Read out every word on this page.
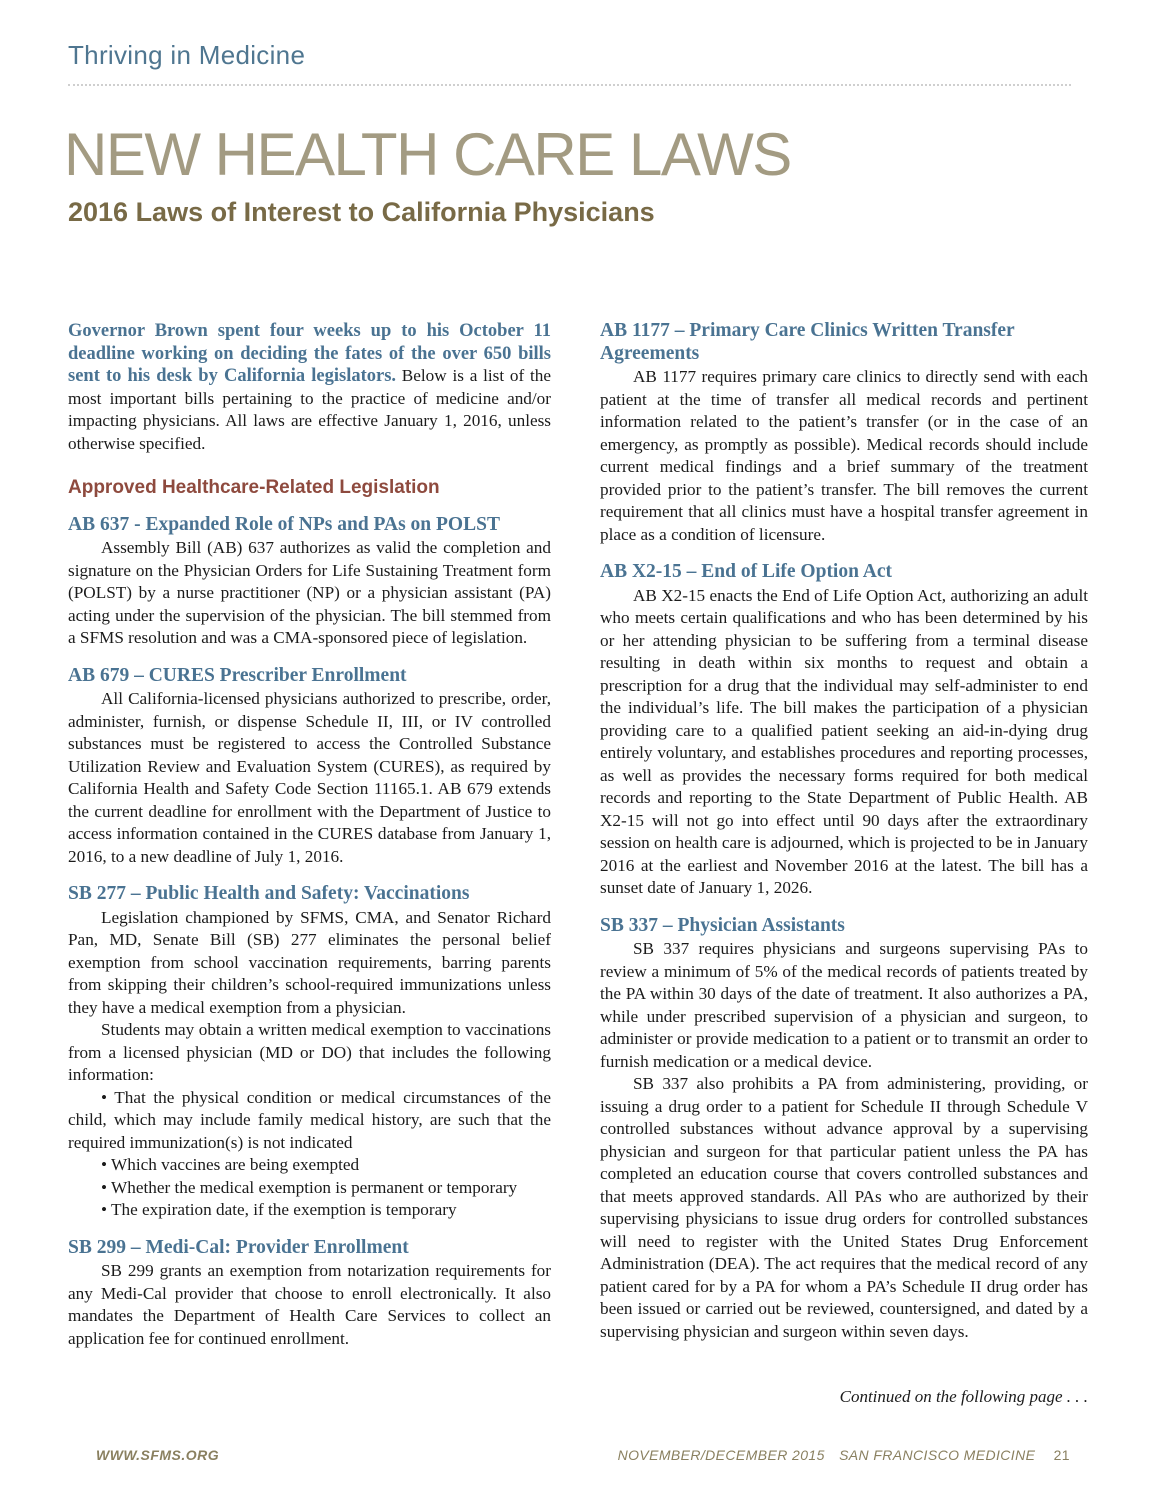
Thriving in Medicine
NEW HEALTH CARE LAWS
2016 Laws of Interest to California Physicians

Governor Brown spent four weeks up to his October 11 deadline working on deciding the fates of the over 650 bills sent to his desk by California legislators. Below is a list of the most important bills pertaining to the practice of medicine and/or impacting physicians. All laws are effective January 1, 2016, unless otherwise specified.

Approved Healthcare-Related Legislation
AB 637 - Expanded Role of NPs and PAs on POLST

Assembly Bill (AB) 637 authorizes as valid the completion and signature on the Physician Orders for Life Sustaining Treatment form (POLST) by a nurse practitioner (NP) or a physician assistant (PA) acting under the supervision of the physician. The bill stemmed from a SFMS resolution and was a CMA-sponsored piece of legislation.

AB 679 – CURES Prescriber Enrollment

All California-licensed physicians authorized to prescribe, order, administer, furnish, or dispense Schedule II, III, or IV controlled substances must be registered to access the Controlled Substance Utilization Review and Evaluation System (CURES), as required by California Health and Safety Code Section 11165.1. AB 679 extends the current deadline for enrollment with the Department of Justice to access information contained in the CURES database from January 1, 2016, to a new deadline of July 1, 2016.

SB 277 – Public Health and Safety: Vaccinations

Legislation championed by SFMS, CMA, and Senator Richard Pan, MD, Senate Bill (SB) 277 eliminates the personal belief exemption from school vaccination requirements, barring parents from skipping their children’s school-required immunizations unless they have a medical exemption from a physician.

Students may obtain a written medical exemption to vaccinations from a licensed physician (MD or DO) that includes the following information:

• That the physical condition or medical circumstances of the child, which may include family medical history, are such that the required immunization(s) is not indicated

• Which vaccines are being exempted

• Whether the medical exemption is permanent or temporary

• The expiration date, if the exemption is temporary

SB 299 – Medi-Cal: Provider Enrollment

SB 299 grants an exemption from notarization requirements for any Medi-Cal provider that choose to enroll electronically. It also mandates the Department of Health Care Services to collect an application fee for continued enrollment.

AB 1177 – Primary Care Clinics Written Transfer Agreements

AB 1177 requires primary care clinics to directly send with each patient at the time of transfer all medical records and pertinent information related to the patient’s transfer (or in the case of an emergency, as promptly as possible). Medical records should include current medical findings and a brief summary of the treatment provided prior to the patient’s transfer. The bill removes the current requirement that all clinics must have a hospital transfer agreement in place as a condition of licensure.

AB X2-15 – End of Life Option Act

AB X2-15 enacts the End of Life Option Act, authorizing an adult who meets certain qualifications and who has been determined by his or her attending physician to be suffering from a terminal disease resulting in death within six months to request and obtain a prescription for a drug that the individual may self-administer to end the individual’s life. The bill makes the participation of a physician providing care to a qualified patient seeking an aid-in-dying drug entirely voluntary, and establishes procedures and reporting processes, as well as provides the necessary forms required for both medical records and reporting to the State Department of Public Health. AB X2-15 will not go into effect until 90 days after the extraordinary session on health care is adjourned, which is projected to be in January 2016 at the earliest and November 2016 at the latest. The bill has a sunset date of January 1, 2026.

SB 337 – Physician Assistants

SB 337 requires physicians and surgeons supervising PAs to review a minimum of 5% of the medical records of patients treated by the PA within 30 days of the date of treatment. It also authorizes a PA, while under prescribed supervision of a physician and surgeon, to administer or provide medication to a patient or to transmit an order to furnish medication or a medical device.

SB 337 also prohibits a PA from administering, providing, or issuing a drug order to a patient for Schedule II through Schedule V controlled substances without advance approval by a supervising physician and surgeon for that particular patient unless the PA has completed an education course that covers controlled substances and that meets approved standards. All PAs who are authorized by their supervising physicians to issue drug orders for controlled substances will need to register with the United States Drug Enforcement Administration (DEA). The act requires that the medical record of any patient cared for by a PA for whom a PA’s Schedule II drug order has been issued or carried out be reviewed, countersigned, and dated by a supervising physician and surgeon within seven days.

Continued on the following page . . .
WWW.SFMS.ORG	NOVEMBER/DECEMBER 2015 SAN FRANCISCO MEDICINE 21
